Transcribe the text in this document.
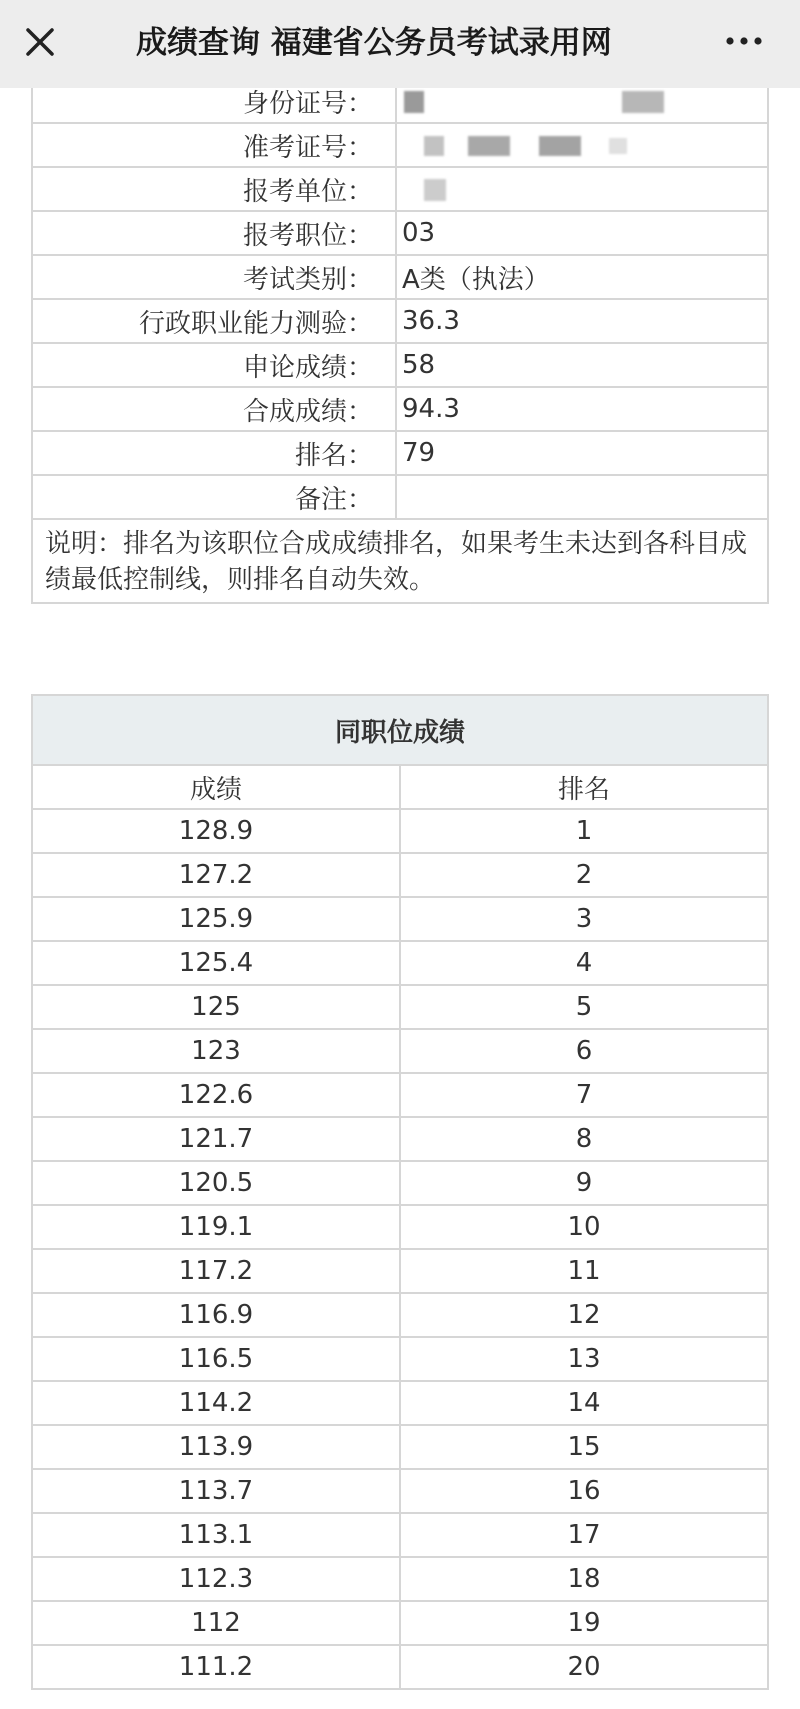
成绩查询 福建省公务员考试录用网
身份证号：	
准考证号：	
报考单位：	
报考职位：	03
考试类别：	A类（执法）
行政职业能力测验：	36.3
申论成绩：	58
合成成绩：	94.3
排名：	79
备注：	
说明：排名为该职位合成成绩排名，如果考生未达到各科目成绩最低控制线，则排名自动失效。	
同职位成绩	
成绩	排名
128.9	1
127.2	2
125.9	3
125.4	4
125	5
123	6
122.6	7
121.7	8
120.5	9
119.1	10
117.2	11
116.9	12
116.5	13
114.2	14
113.9	15
113.7	16
113.1	17
112.3	18
112	19
111.2	20
